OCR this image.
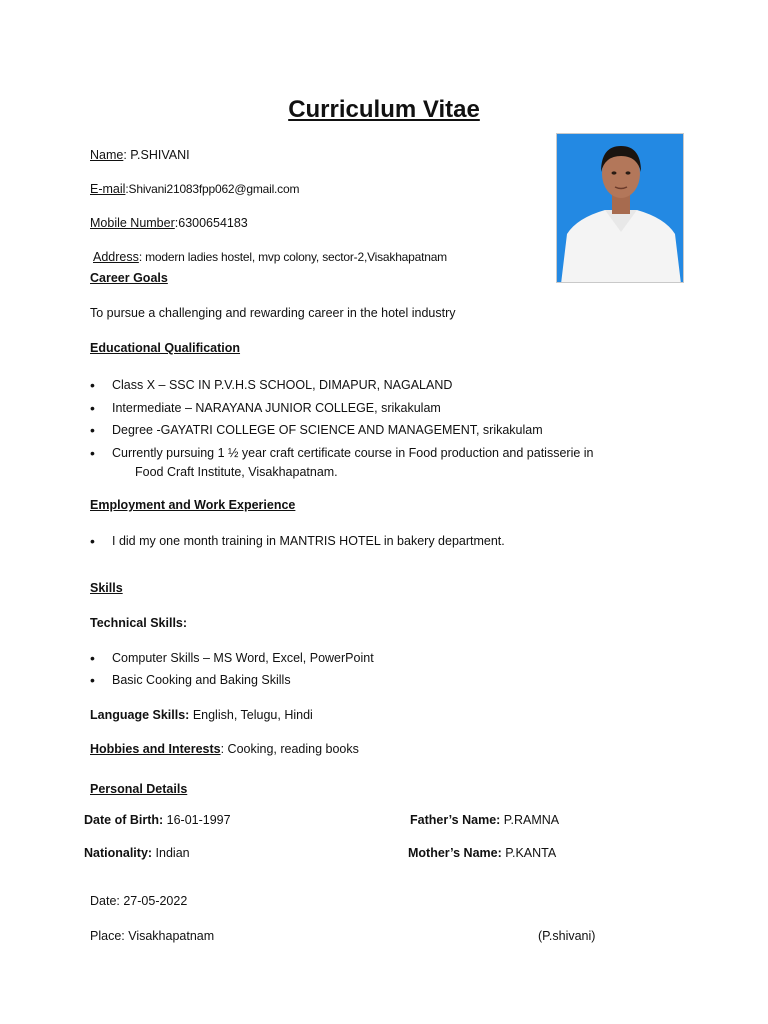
Curriculum Vitae
Name: P.SHIVANI
E-mail:Shivani21083fpp062@gmail.com
Mobile Number:6300654183
Address: modern ladies hostel, mvp colony, sector-2,Visakhapatnam
Career Goals
To pursue a challenging and rewarding career in the hotel industry
Educational Qualification
• Class X – SSC IN P.V.H.S SCHOOL, DIMAPUR, NAGALAND
• Intermediate – NARAYANA JUNIOR COLLEGE, srikakulam
• Degree -GAYATRI COLLEGE OF SCIENCE AND MANAGEMENT, srikakulam
• Currently pursuing 1 ½ year craft certificate course in Food production and patisserie in
Food Craft Institute, Visakhapatnam.
Employment and Work Experience
• I did my one month training in MANTRIS HOTEL in bakery department.
Skills
Technical Skills:
• Computer Skills – MS Word, Excel, PowerPoint
• Basic Cooking and Baking Skills
Language Skills: English, Telugu, Hindi
Hobbies and Interests: Cooking, reading books
Personal Details
Date of Birth: 16-01-1997	Father’s Name: P.RAMNA
Nationality: Indian	Mother’s Name: P.KANTA
Date: 27-05-2022
Place: Visakhapatnam	(P.shivani)
